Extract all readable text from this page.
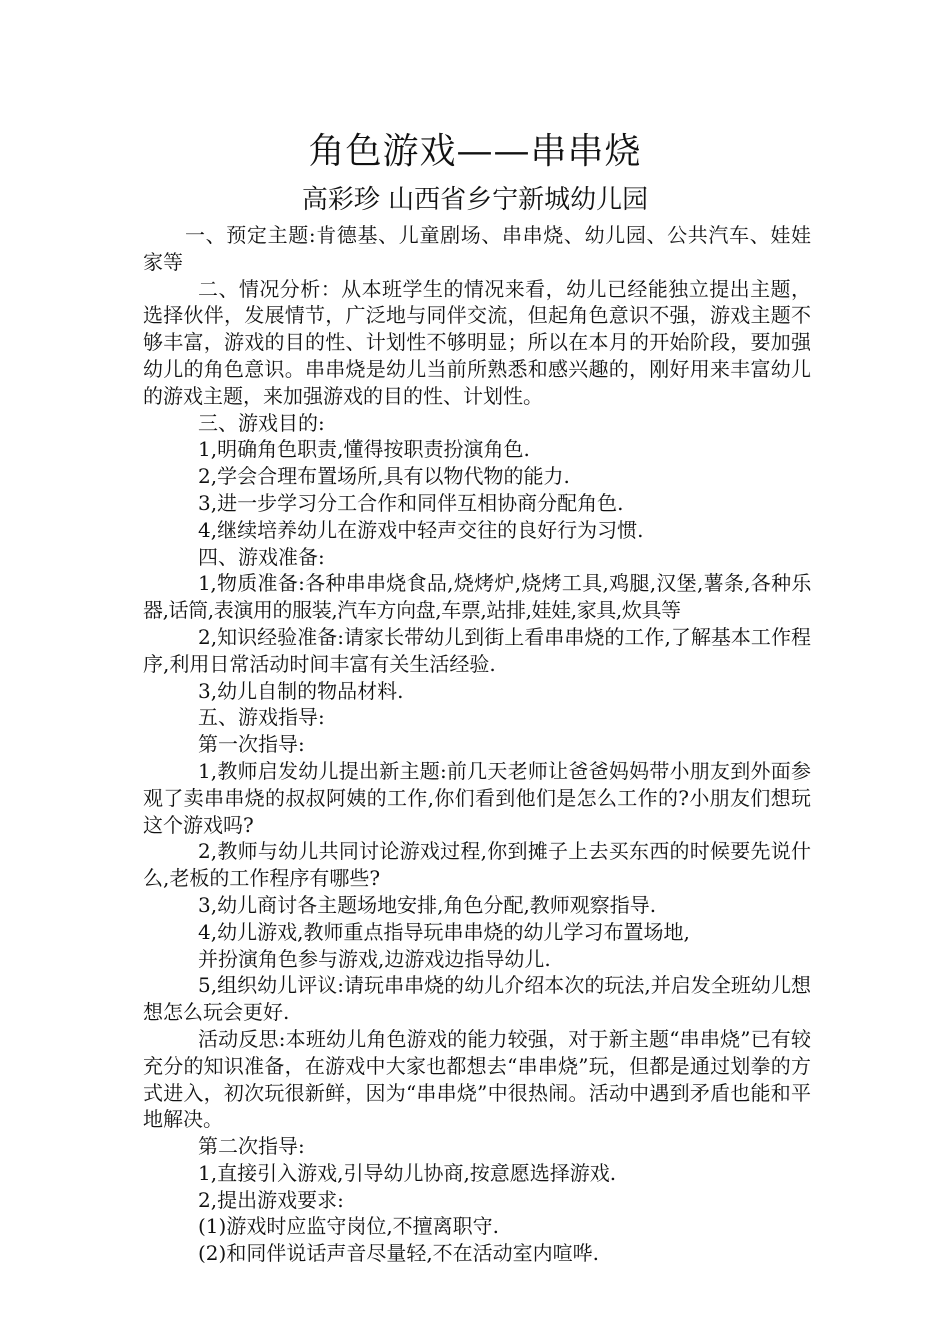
角色游戏——串串烧
高彩珍 山西省乡宁新城幼儿园

一、预定主题:肯德基、儿童剧场、串串烧、幼儿园、公共汽车、娃娃家等

二、情况分析：从本班学生的情况来看，幼儿已经能独立提出主题，选择伙伴，发展情节，广泛地与同伴交流，但起角色意识不强，游戏主题不够丰富，游戏的目的性、计划性不够明显；所以在本月的开始阶段，要加强幼儿的角色意识。串串烧是幼儿当前所熟悉和感兴趣的，刚好用来丰富幼儿的游戏主题，来加强游戏的目的性、计划性。

三、游戏目的:

1,明确角色职责,懂得按职责扮演角色.

2,学会合理布置场所,具有以物代物的能力.

3,进一步学习分工合作和同伴互相协商分配角色.

4,继续培养幼儿在游戏中轻声交往的良好行为习惯.

四、游戏准备:

1,物质准备:各种串串烧食品,烧烤炉,烧烤工具,鸡腿,汉堡,薯条,各种乐器,话筒,表演用的服装,汽车方向盘,车票,站排,娃娃,家具,炊具等

2,知识经验准备:请家长带幼儿到街上看串串烧的工作,了解基本工作程序,利用日常活动时间丰富有关生活经验.

3,幼儿自制的物品材料.

五、游戏指导:

第一次指导:

1,教师启发幼儿提出新主题:前几天老师让爸爸妈妈带小朋友到外面参观了卖串串烧的叔叔阿姨的工作,你们看到他们是怎么工作的?小朋友们想玩这个游戏吗?

2,教师与幼儿共同讨论游戏过程,你到摊子上去买东西的时候要先说什么,老板的工作程序有哪些?

3,幼儿商讨各主题场地安排,角色分配,教师观察指导.

4,幼儿游戏,教师重点指导玩串串烧的幼儿学习布置场地,

并扮演角色参与游戏,边游戏边指导幼儿.

5,组织幼儿评议:请玩串串烧的幼儿介绍本次的玩法,并启发全班幼儿想想怎么玩会更好.

活动反思:本班幼儿角色游戏的能力较强，对于新主题“串串烧”已有较充分的知识准备，在游戏中大家也都想去“串串烧”玩，但都是通过划拳的方式进入，初次玩很新鲜，因为“串串烧”中很热闹。活动中遇到矛盾也能和平地解决。

第二次指导:

1,直接引入游戏,引导幼儿协商,按意愿选择游戏.

2,提出游戏要求:

(1)游戏时应监守岗位,不擅离职守.

(2)和同伴说话声音尽量轻,不在活动室内喧哗.
